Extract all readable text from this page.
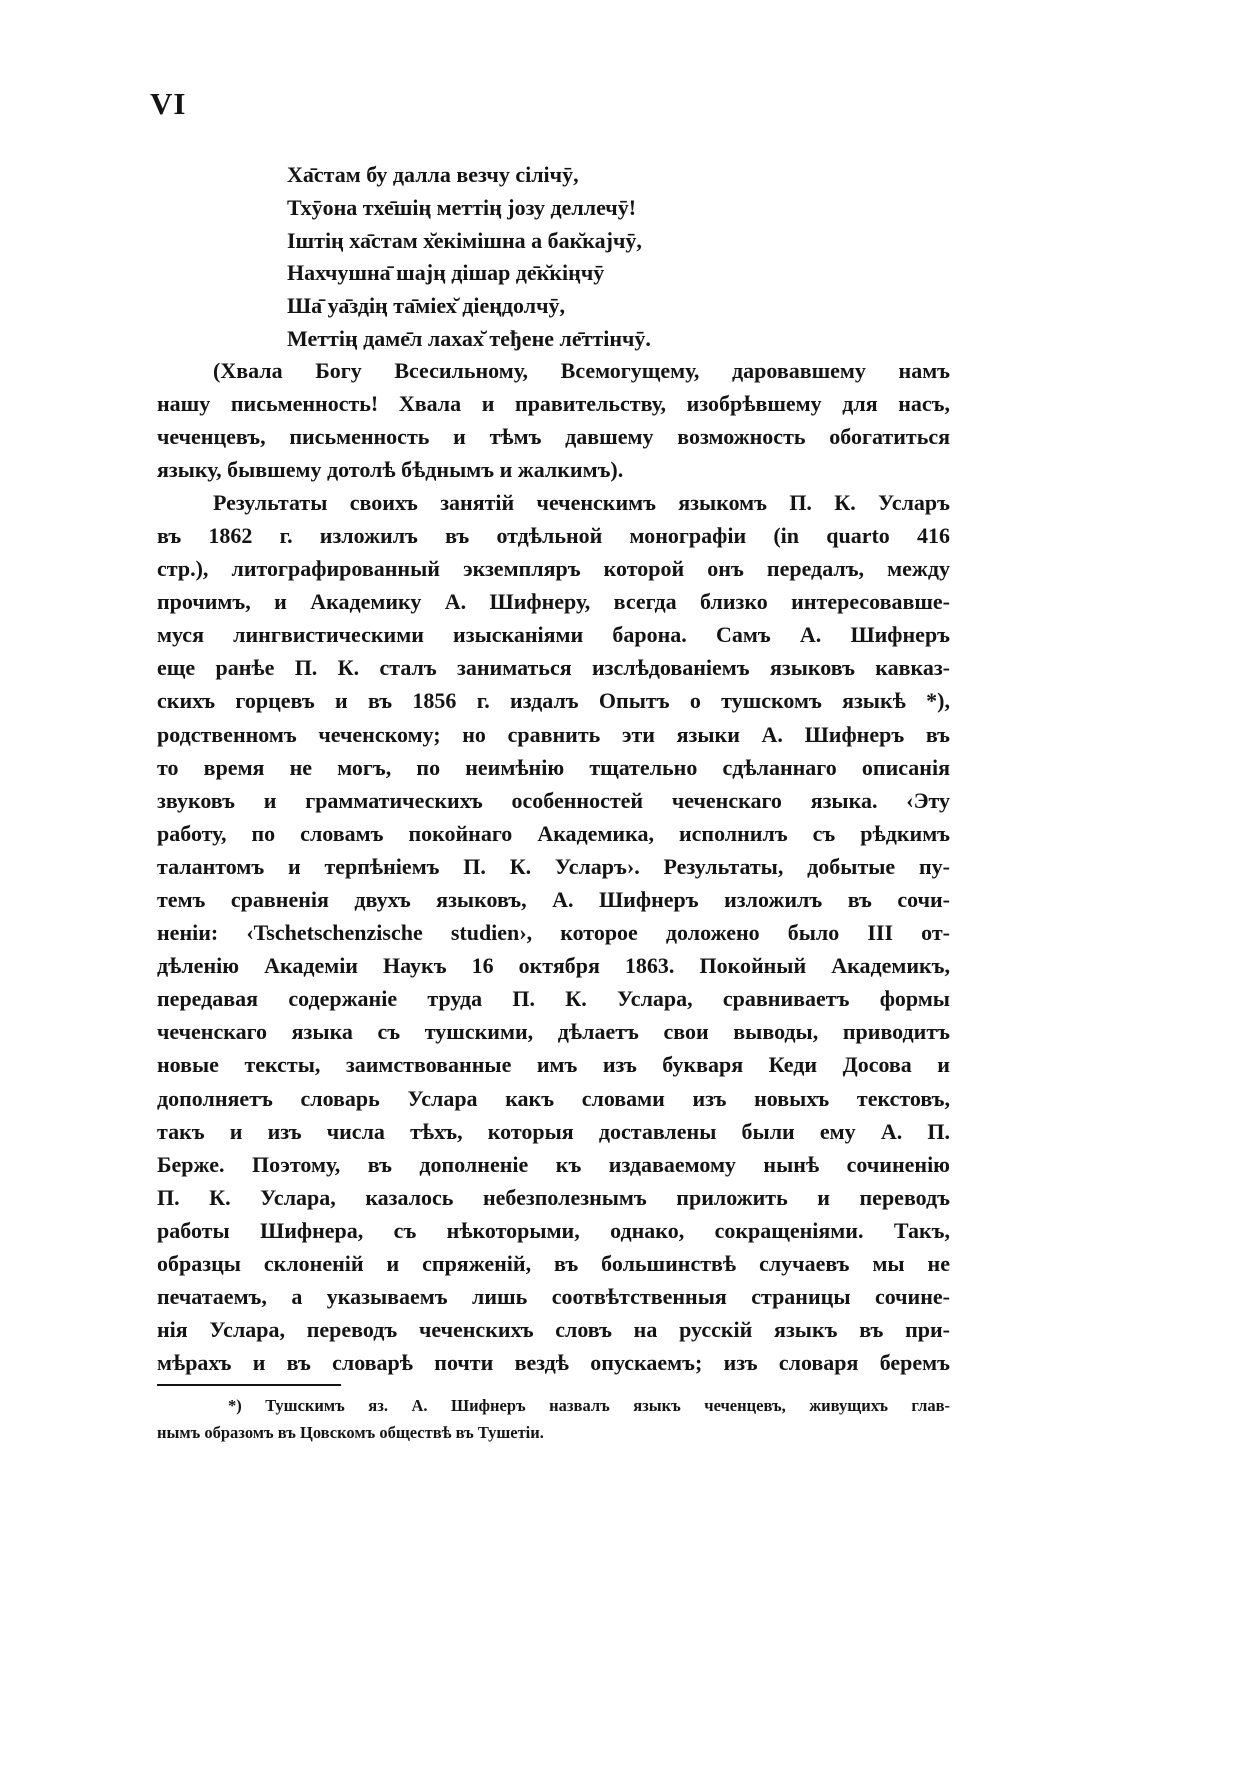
VI
Ха̄стам бу далла везчу сілічӯ,
Тхӯона тхе̄шің меттің јозу деллечӯ!
Іштің ха̄стам х̆екімішна а бак̆кајчӯ,
Нахчушна̄ шајң дішар де̄к̆кіңчӯ
Ша̄ уа̄здің та̄міех̆ діеңдолчӯ,
Меттің даме̄л лахах̆ теђене ле̄ттінчӯ.
(Хвала Богу Всесильному, Всемогущему, даровавшему намъ
нашу письменность! Хвала и правительству, изобрѣвшему для насъ,
чеченцевъ, письменность и тѣмъ давшему возможность обогатиться
языку, бывшему дотолѣ бѣднымъ и жалкимъ).
Результаты своихъ занятій чеченскимъ языкомъ П. К. Усларъ
въ 1862 г. изложилъ въ отдѣльной монографіи (in quarto 416
стр.), литографированный экземпляръ которой онъ передалъ, между
прочимъ, и Академику А. Шифнеру, всегда близко интересовавше-
муся лингвистическими изысканіями барона. Самъ А. Шифнеръ
еще ранѣе П. К. сталъ заниматься изслѣдованіемъ языковъ кавказ-
скихъ горцевъ и въ 1856 г. издалъ Опытъ о тушскомъ языкѣ *),
родственномъ чеченскому; но сравнить эти языки А. Шифнеръ въ
то время не могъ, по неимѣнію тщательно сдѣланнаго описанія
звуковъ и грамматическихъ особенностей чеченскаго языка. ‹Эту
работу, по словамъ покойнаго Академика, исполнилъ съ рѣдкимъ
талантомъ и терпѣніемъ П. К. Усларъ›. Результаты, добытые пу-
темъ сравненія двухъ языковъ, А. Шифнеръ изложилъ въ сочи-
неніи: ‹Tschetschenzische studien›, которое доложено было III от-
дѣленію Академіи Наукъ 16 октября 1863. Покойный Академикъ,
передавая содержаніе труда П. К. Услара, сравниваетъ формы
чеченскаго языка съ тушскими, дѣлаетъ свои выводы, приводитъ
новые тексты, заимствованные имъ изъ букваря Кеди Досова и
дополняетъ словарь Услара какъ словами изъ новыхъ текстовъ,
такъ и изъ числа тѣхъ, которыя доставлены были ему А. П.
Берже. Поэтому, въ дополненіе къ издаваемому нынѣ сочиненію
П. К. Услара, казалось небезполезнымъ приложить и переводъ
работы Шифнера, съ нѣкоторыми, однако, сокращеніями. Такъ,
образцы склоненій и спряженій, въ большинствѣ случаевъ мы не
печатаемъ, а указываемъ лишь соотвѣтственныя страницы сочине-
нія Услара, переводъ чеченскихъ словъ на русскій языкъ въ при-
мѣрахъ и въ словарѣ почти вездѣ опускаемъ; изъ словаря беремъ
*) Тушскимъ яз. А. Шифнеръ назвалъ языкъ чеченцевъ, живущихъ глав-
нымъ образомъ въ Цовскомъ обществѣ въ Тушетіи.
